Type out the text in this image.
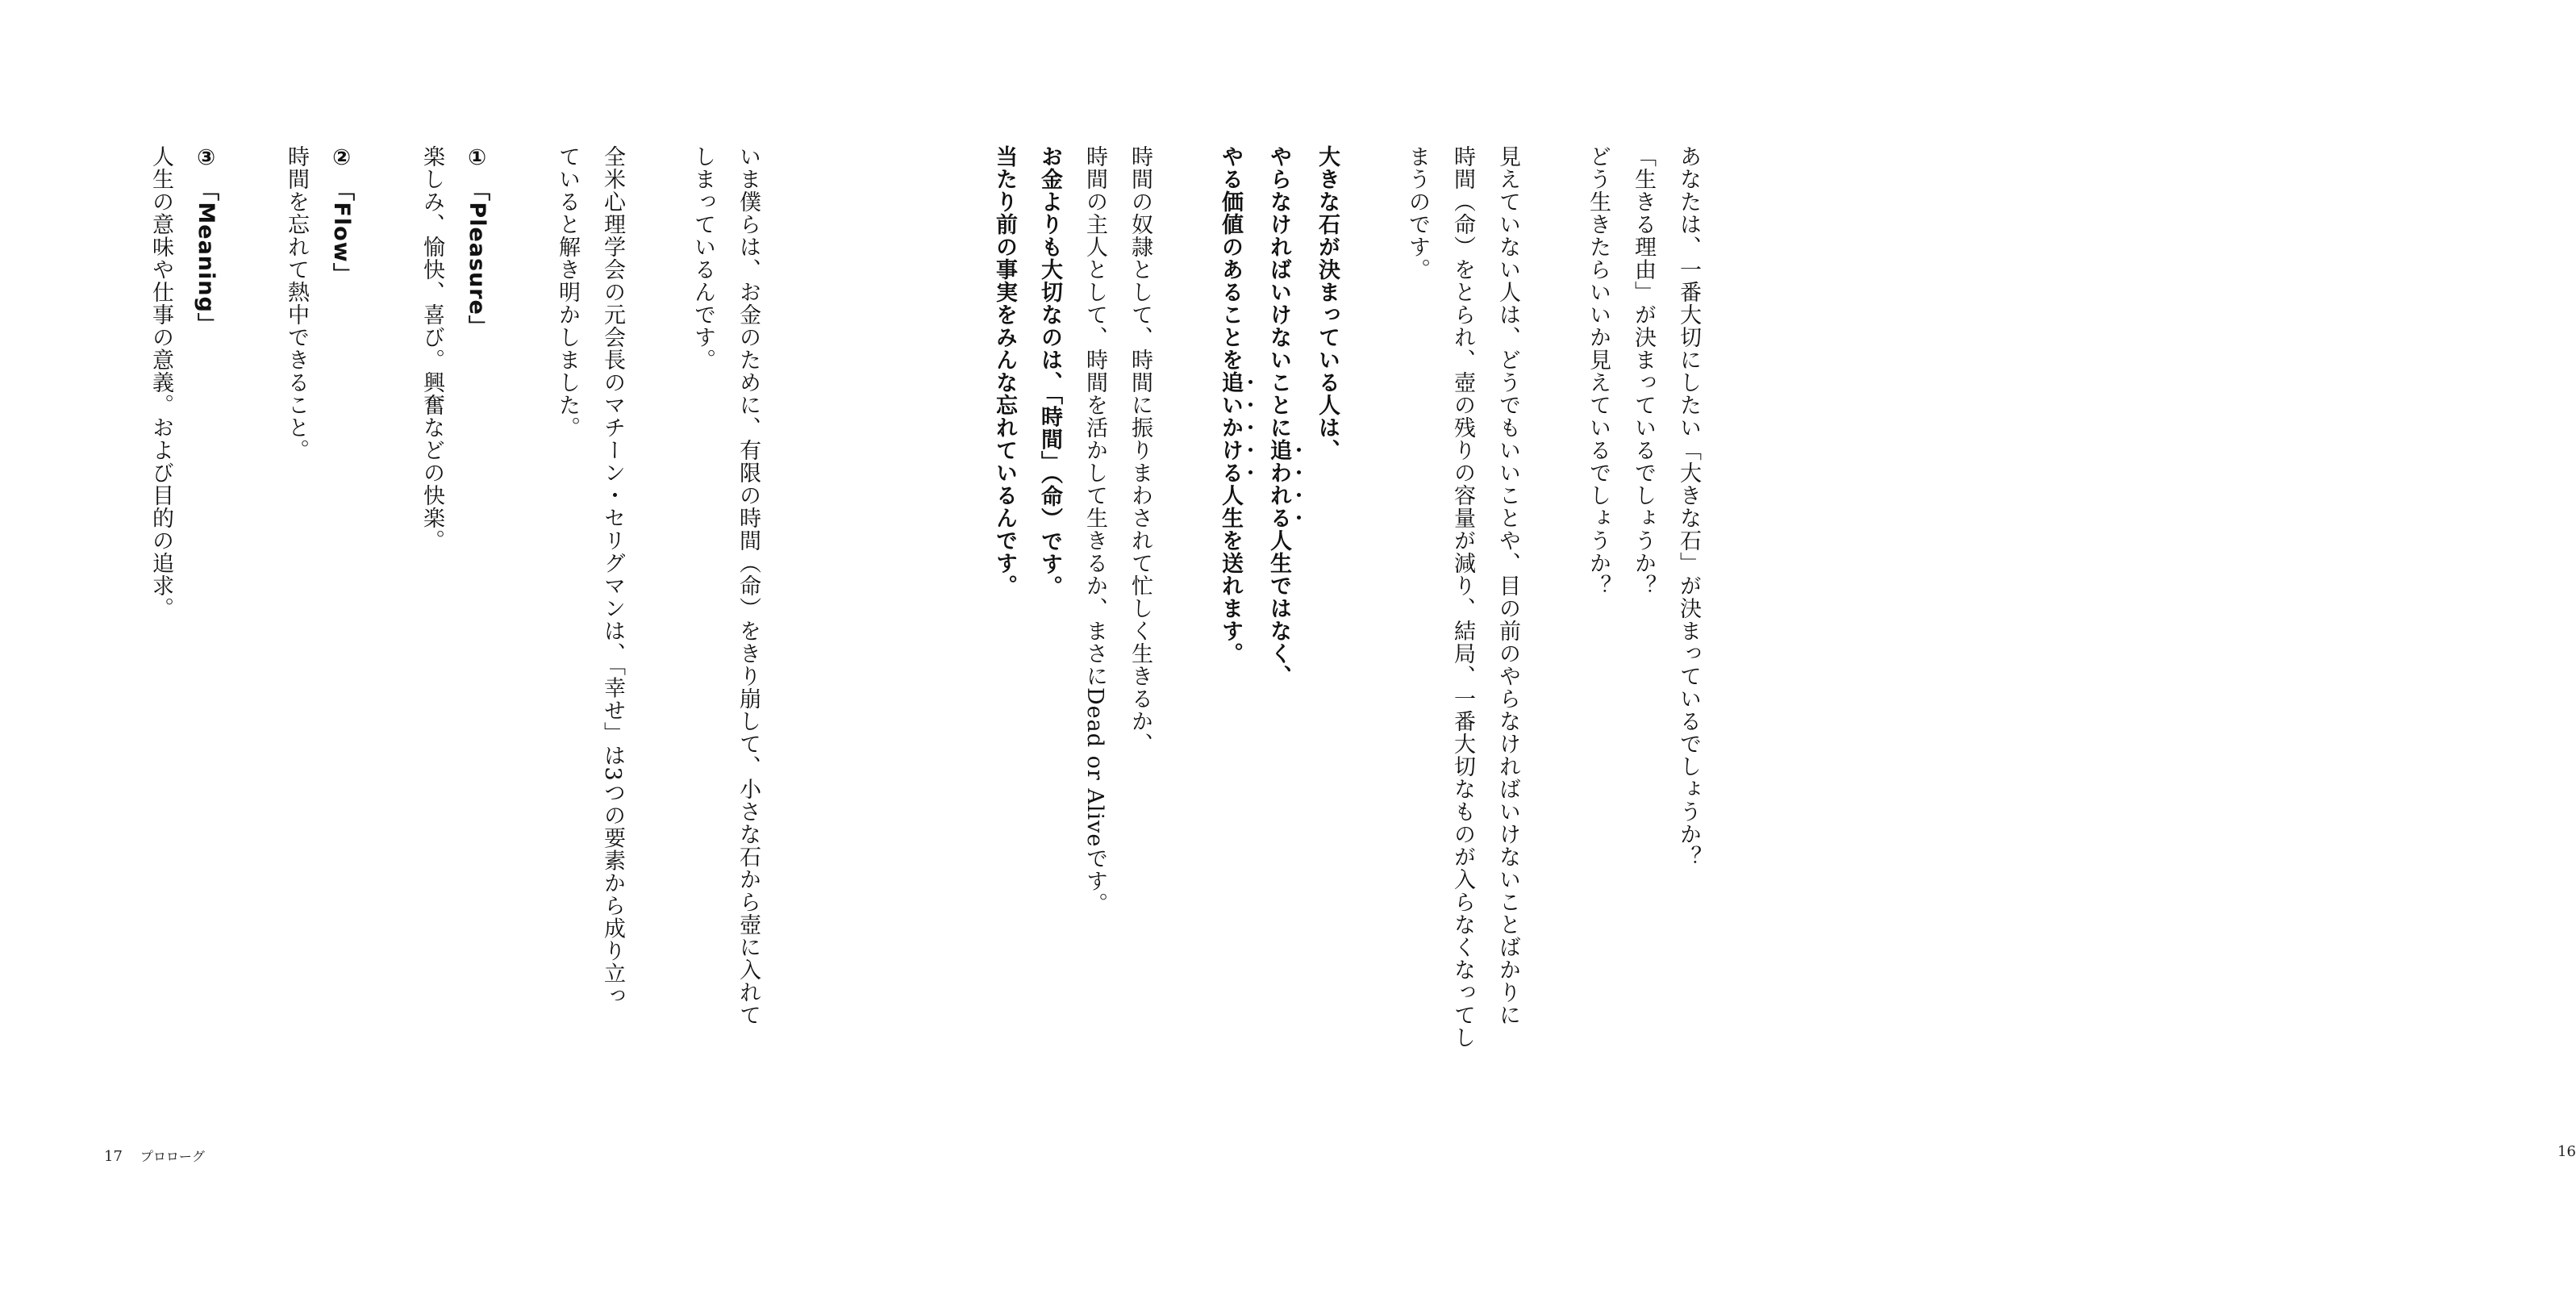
あなたは、一番大切にしたい「大きな石」が決まっているでしょうか？
「生きる理由」が決まっているでしょうか？
どう生きたらいいか見えているでしょうか？
見えていない人は、どうでもいいことや、目の前のやらなければいけないことばかりに
時間（命）をとられ、壺の残りの容量が減り、結局、一番大切なものが入らなくなってし
まうのです。
大きな石が決まっている人は、
やらなければいけないことに追われる人生ではなく、
やる価値のあることを追いかける人生を送れます。
時間の奴隷として、時間に振りまわされて忙しく生きるか、
時間の主人として、時間を活かして生きるか、まさにDead or Aliveです。
お金よりも大切なのは、「時間」（命）です。
当たり前の事実をみんな忘れているんです。
16
いま僕らは、お金のために、有限の時間（命）をきり崩して、小さな石から壺に入れて
しまっているんです。
全米心理学会の元会長のマチーン・セリグマンは、「幸せ」は3つの要素から成り立っ
ていると解き明かしました。
① 「Pleasure」
楽しみ、愉快、喜び。興奮などの快楽。
② 「Flow」
時間を忘れて熱中できること。
③ 「Meaning」
人生の意味や仕事の意義。および目的の追求。
17 プロローグ
